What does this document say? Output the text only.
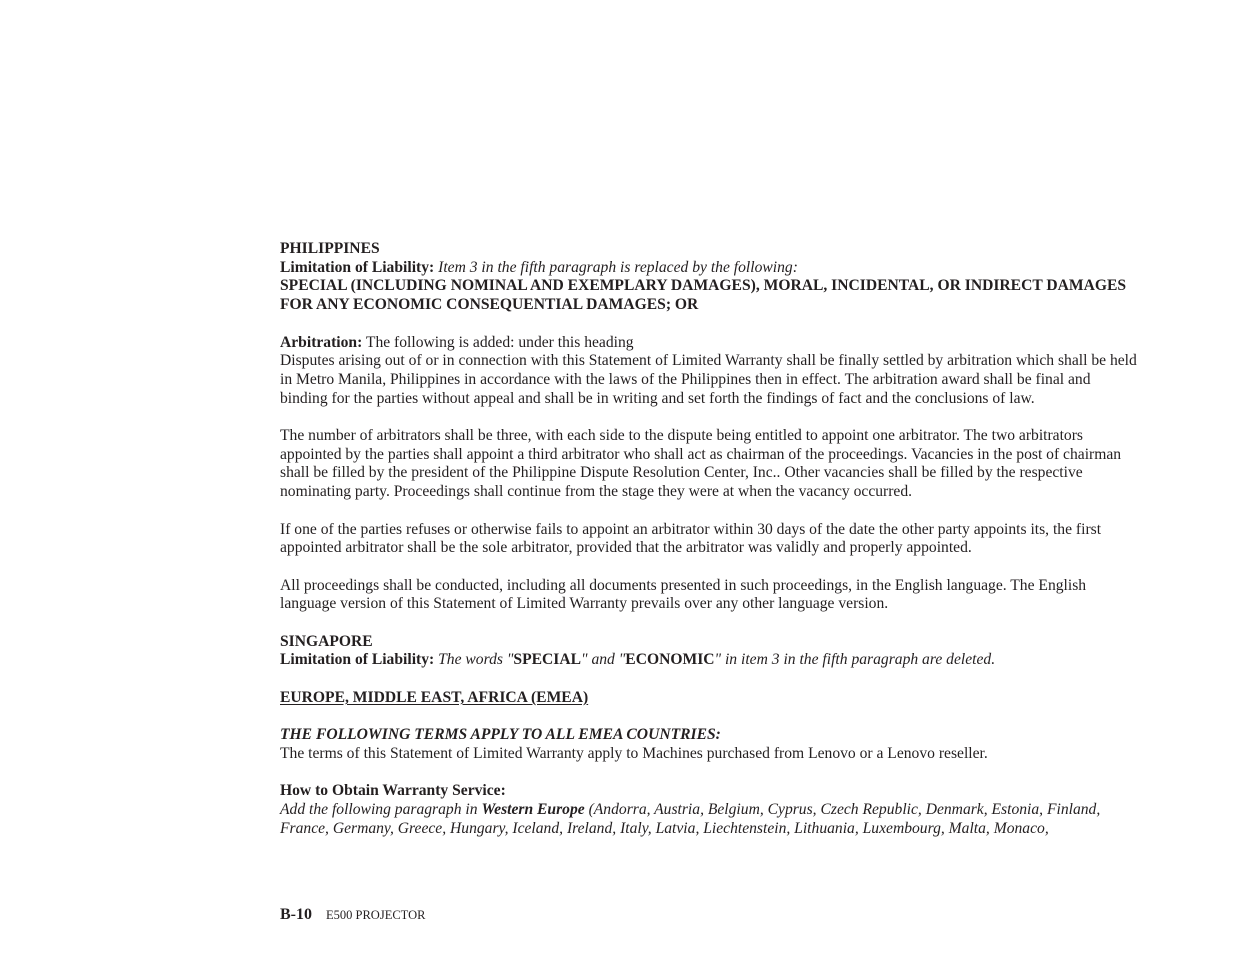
PHILIPPINES
Limitation of Liability: Item 3 in the fifth paragraph is replaced by the following:
SPECIAL (INCLUDING NOMINAL AND EXEMPLARY DAMAGES), MORAL, INCIDENTAL, OR INDIRECT DAMAGES FOR ANY ECONOMIC CONSEQUENTIAL DAMAGES; OR
Arbitration: The following is added: under this heading
Disputes arising out of or in connection with this Statement of Limited Warranty shall be finally settled by arbitration which shall be held in Metro Manila, Philippines in accordance with the laws of the Philippines then in effect. The arbitration award shall be final and binding for the parties without appeal and shall be in writing and set forth the findings of fact and the conclusions of law.
The number of arbitrators shall be three, with each side to the dispute being entitled to appoint one arbitrator. The two arbitrators appointed by the parties shall appoint a third arbitrator who shall act as chairman of the proceedings. Vacancies in the post of chairman shall be filled by the president of the Philippine Dispute Resolution Center, Inc.. Other vacancies shall be filled by the respective nominating party. Proceedings shall continue from the stage they were at when the vacancy occurred.
If one of the parties refuses or otherwise fails to appoint an arbitrator within 30 days of the date the other party appoints its, the first appointed arbitrator shall be the sole arbitrator, provided that the arbitrator was validly and properly appointed.
All proceedings shall be conducted, including all documents presented in such proceedings, in the English language. The English language version of this Statement of Limited Warranty prevails over any other language version.
SINGAPORE
Limitation of Liability: The words "SPECIAL" and "ECONOMIC" in item 3 in the fifth paragraph are deleted.
EUROPE, MIDDLE EAST, AFRICA (EMEA)
THE FOLLOWING TERMS APPLY TO ALL EMEA COUNTRIES:
The terms of this Statement of Limited Warranty apply to Machines purchased from Lenovo or a Lenovo reseller.
How to Obtain Warranty Service:
Add the following paragraph in Western Europe (Andorra, Austria, Belgium, Cyprus, Czech Republic, Denmark, Estonia, Finland, France, Germany, Greece, Hungary, Iceland, Ireland, Italy, Latvia, Liechtenstein, Lithuania, Luxembourg, Malta, Monaco,
B-10 E500 PROJECTOR
